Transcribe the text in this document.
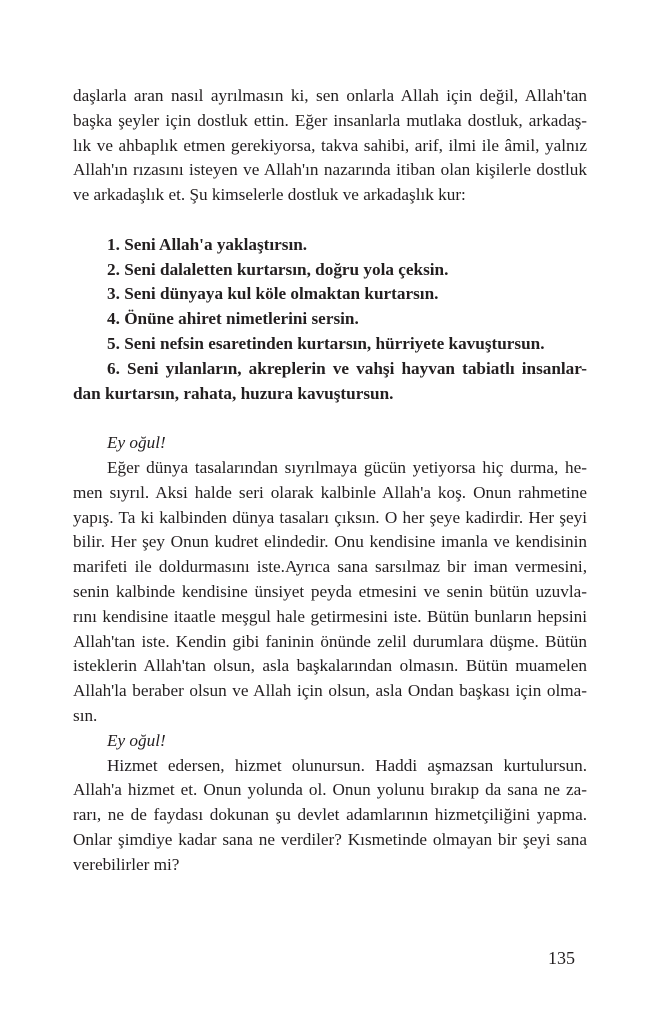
daşlarla aran nasıl ayrılmasın ki, sen onlarla Allah için değil, Allah'tan
başka şeyler için dostluk ettin. Eğer insanlarla mutlaka dostluk, arkadaş-
lık ve ahbaplık etmen gerekiyorsa, takva sahibi, arif, ilmi ile âmil, yalnız
Allah'ın rızasını isteyen ve Allah'ın nazarında itiban olan kişilerle dostluk
ve arkadaşlık et. Şu kimselerle dostluk ve arkadaşlık kur:
1. Seni Allah'a yaklaştırsın.
2. Seni dalaletten kurtarsın, doğru yola çeksin.
3. Seni dünyaya kul köle olmaktan kurtarsın.
4. Önüne ahiret nimetlerini sersin.
5. Seni nefsin esaretinden kurtarsın, hürriyete kavuştursun.
6. Seni yılanların, akreplerin ve vahşi hayvan tabiatlı insanlar-
dan kurtarsın, rahata, huzura kavuştursun.
Ey oğul!
Eğer dünya tasalarından sıyrılmaya gücün yetiyorsa hiç durma, he-
men sıyrıl. Aksi halde seri olarak kalbinle Allah'a koş. Onun rahmetine
yapış. Ta ki kalbinden dünya tasaları çıksın. O her şeye kadirdir. Her şeyi
bilir. Her şey Onun kudret elindedir. Onu kendisine imanla ve kendisinin
marifeti ile doldurmasını iste.Ayrıca sana sarsılmaz bir iman vermesini,
senin kalbinde kendisine ünsiyet peyda etmesini ve senin bütün uzuvla-
rını kendisine itaatle meşgul hale getirmesini iste. Bütün bunların hepsini
Allah'tan iste. Kendin gibi faninin önünde zelil durumlara düşme. Bütün
isteklerin Allah'tan olsun, asla başkalarından olmasın. Bütün muamelen
Allah'la beraber olsun ve Allah için olsun, asla Ondan başkası için olma-
sın.
Ey oğul!
Hizmet edersen, hizmet olunursun. Haddi aşmazsan kurtulursun.
Allah'a hizmet et. Onun yolunda ol. Onun yolunu bırakıp da sana ne za-
rarı, ne de faydası dokunan şu devlet adamlarının hizmetçiliğini yapma.
Onlar şimdiye kadar sana ne verdiler? Kısmetinde olmayan bir şeyi sana
verebilirler mi?
135
